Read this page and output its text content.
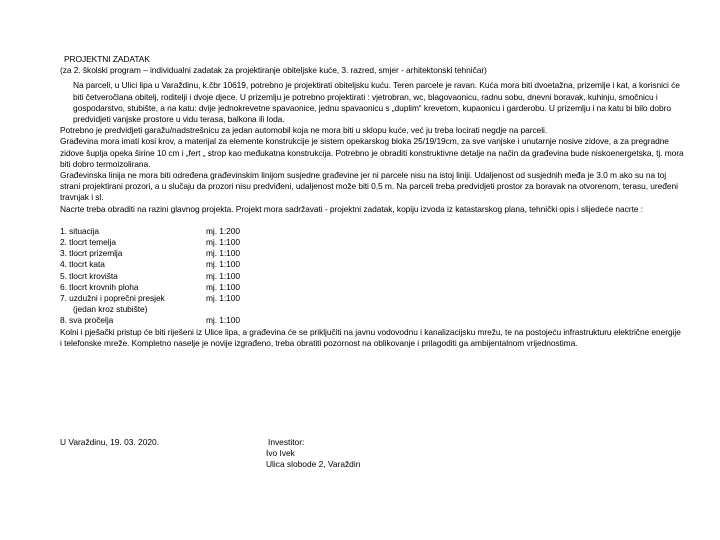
PROJEKTNI ZADATAK

(za 2. školski program – individualni zadatak za projektiranje obiteljske kuće, 3. razred, smjer - arhitektonski tehničar)

Na parceli, u Ulici lipa u Varaždinu, k.čbr 10619, potrebno je projektirati obiteljsku kuću. Teren parcele je ravan. Kuća mora biti dvoetažna, prizemlje i kat, a korisnici će biti četveročlana obitelj, roditelji i dvoje djece. U prizemlju je potrebno projektirati : vjetrobran, wc, blagovaonicu, radnu sobu, dnevni boravak, kuhinju, smočnicu i gospodarstvo, stubište, a na katu: dvije jednokrevetne spavaonice, jednu spavaonicu s „duplim“ krevetom, kupaonicu i garderobu. U prizemlju i na katu bi bilo dobro predvidjeti vanjske prostore u vidu terasa, balkona ili loda.

Potrebno je predvidjeti garažu/nadstrešnicu za jedan automobil koja ne mora biti u sklopu kuće, već ju treba locirati negdje na parceli.

Građevina mora imati kosi krov, a materijal za elemente konstrukcije je sistem opekarskog bloka 25/19/19cm, za sve vanjske i unutarnje nosive zidove, a za pregradne zidove šuplja opeka širine 10 cm i „fert „ strop kao međukatna konstrukcija. Potrebno je obraditi konstruktivne detalje na način da građevina bude niskoenergetska, tj. mora biti dobro termoizolirana.

Građevinska linija ne mora biti određena građevinskim linijom susjedne građevine jer ni parcele nisu na istoj liniji. Udaljenost od susjednih međa je 3.0 m ako su na toj strani projektirani prozori, a u slučaju da prozori nisu predviđeni, udaljenost može biti 0.5 m. Na parceli treba predvidjeti prostor za boravak na otvorenom, terasu, uređeni travnjak i sl.

Nacrte treba obraditi na razini glavnog projekta. Projekt mora sadržavati - projektni zadatak, kopiju izvoda iz katastarskog plana, tehnički opis i slijedeće nacrte :

1. situacija	mj. 1:200
2. tlocrt temelja	mj. 1:100
3. tlocrt prizemlja	mj. 1:100
4. tlocrt kata	mj. 1:100
5. tlocrt krovišta	mj. 1:100
6. tlocrt krovnih ploha	mj. 1:100
7. uzdužni i poprečni presjek	mj. 1:100
(jedan kroz stubište)
8. sva pročelja	mj. 1:100

Kolni i pješački pristup će biti riješeni iz Ulice lipa, a građevina će se priključiti na javnu vodovodnu i kanalizacijsku mrežu, te na postojeću infrastrukturu električne energije i telefonske mreže. Kompletno naselje je novije izgrađeno, treba obratiti pozornost na oblikovanje i prilagoditi ga ambijentalnom vrijednostima.

U Varaždinu, 19. 03. 2020.	Investitor:
Ivo Ivek
Ulica slobode 2, Varaždin
